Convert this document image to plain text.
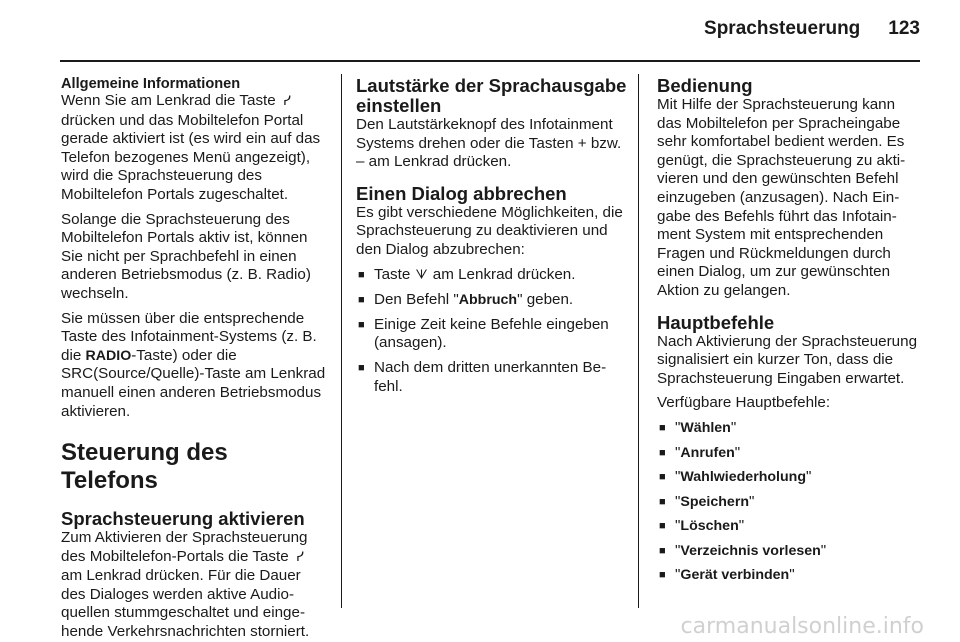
Sprachsteuerung 123
Allgemeine Informationen

Wenn Sie am Lenkrad die Taste ᓯ
drücken und das Mobiltelefon Portal gerade aktiviert ist (es wird ein auf das Telefon bezogenes Menü angezeigt), wird die Sprachsteuerung des Mobiltelefon Portals zugeschaltet.

Solange die Sprachsteuerung des Mobiltelefon Portals aktiv ist, können Sie nicht per Sprachbefehl in einen anderen Betriebsmodus (z. B. Radio) wechseln.

Sie müssen über die entsprechende Taste des Infotainment-Systems (z. B. die RADIO-Taste) oder die SRC(Source/Quelle)-Taste am Lenkrad manuell einen anderen Betriebsmodus aktivieren.

Steuerung des Telefons
Sprachsteuerung aktivieren

Zum Aktivieren der Sprachsteuerung des Mobiltelefon-Portals die Taste ᓯ am Lenkrad drücken. Für die Dauer des Dialoges werden aktive Audioquellen stummgeschaltet und eingehende Verkehrsnachrichten storniert.

Lautstärke der Sprachausgabe einstellen

Den Lautstärkeknopf des Infotainment Systems drehen oder die Tasten + bzw. – am Lenkrad drücken.

Einen Dialog abbrechen

Es gibt verschiedene Möglichkeiten, die Sprachsteuerung zu deaktivieren und den Dialog abzubrechen:

■ Taste ᗐ am Lenkrad drücken.
■ Den Befehl "Abbruch" geben.
■ Einige Zeit keine Befehle eingeben (ansagen).
■ Nach dem dritten unerkannten Befehl.
Bedienung

Mit Hilfe der Sprachsteuerung kann das Mobiltelefon per Spracheingabe sehr komfortabel bedient werden. Es genügt, die Sprachsteuerung zu aktivieren und den gewünschten Befehl einzugeben (anzusagen). Nach Eingabe des Befehls führt das Infotainment System mit entsprechenden Fragen und Rückmeldungen durch einen Dialog, um zur gewünschten Aktion zu gelangen.

Hauptbefehle

Nach Aktivierung der Sprachsteuerung signalisiert ein kurzer Ton, dass die Sprachsteuerung Eingaben erwartet.

Verfügbare Hauptbefehle:

■ "Wählen"
■ "Anrufen"
■ "Wahlwiederholung"
■ "Speichern"
■ "Löschen"
■ "Verzeichnis vorlesen"
■ "Gerät verbinden"
carmanualsonline.info
